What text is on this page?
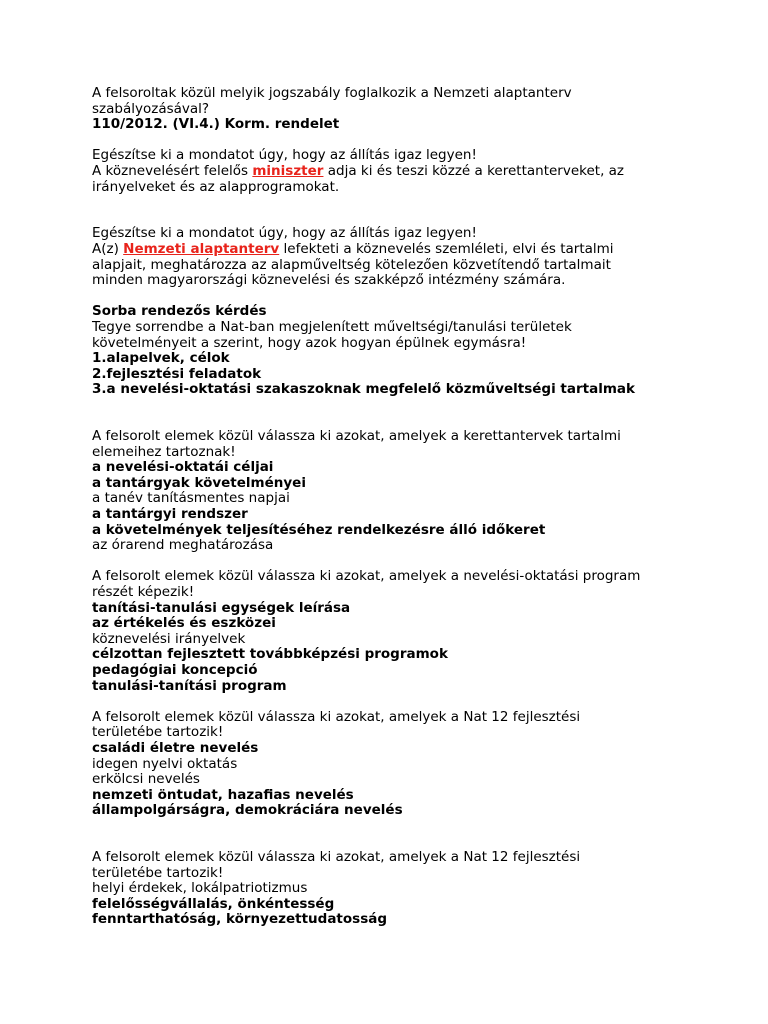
A felsoroltak közül melyik jogszabály foglalkozik a Nemzeti alaptanterv
szabályozásával?
110/2012. (VI.4.) Korm. rendelet
Egészítse ki a mondatot úgy, hogy az állítás igaz legyen!
A köznevelésért felelős miniszter adja ki és teszi közzé a kerettanterveket, az
irányelveket és az alapprogramokat.
Egészítse ki a mondatot úgy, hogy az állítás igaz legyen!
A(z) Nemzeti alaptanterv lefekteti a köznevelés szemléleti, elvi és tartalmi
alapjait, meghatározza az alapműveltség kötelezően közvetítendő tartalmait
minden magyarországi köznevelési és szakképző intézmény számára.
Sorba rendezős kérdés
Tegye sorrendbe a Nat-ban megjelenített műveltségi/tanulási területek
követelményeit a szerint, hogy azok hogyan épülnek egymásra!
1.alapelvek, célok
2.fejlesztési feladatok
3.a nevelési-oktatási szakaszoknak megfelelő közműveltségi tartalmak
A felsorolt elemek közül válassza ki azokat, amelyek a kerettantervek tartalmi
elemeihez tartoznak!
a nevelési-oktatái céljai
a tantárgyak követelményei
a tanév tanításmentes napjai
a tantárgyi rendszer
a követelmények teljesítéséhez rendelkezésre álló időkeret
az órarend meghatározása
A felsorolt elemek közül válassza ki azokat, amelyek a nevelési-oktatási program
részét képezik!
tanítási-tanulási egységek leírása
az értékelés és eszközei
köznevelési irányelvek
célzottan fejlesztett továbbképzési programok
pedagógiai koncepció
tanulási-tanítási program
A felsorolt elemek közül válassza ki azokat, amelyek a Nat 12 fejlesztési
területébe tartozik!
családi életre nevelés
idegen nyelvi oktatás
erkölcsi nevelés
nemzeti öntudat, hazafias nevelés
állampolgárságra, demokráciára nevelés
A felsorolt elemek közül válassza ki azokat, amelyek a Nat 12 fejlesztési
területébe tartozik!
helyi érdekek, lokálpatriotizmus
felelősségvállalás, önkéntesség
fenntarthatóság, környezettudatosság
